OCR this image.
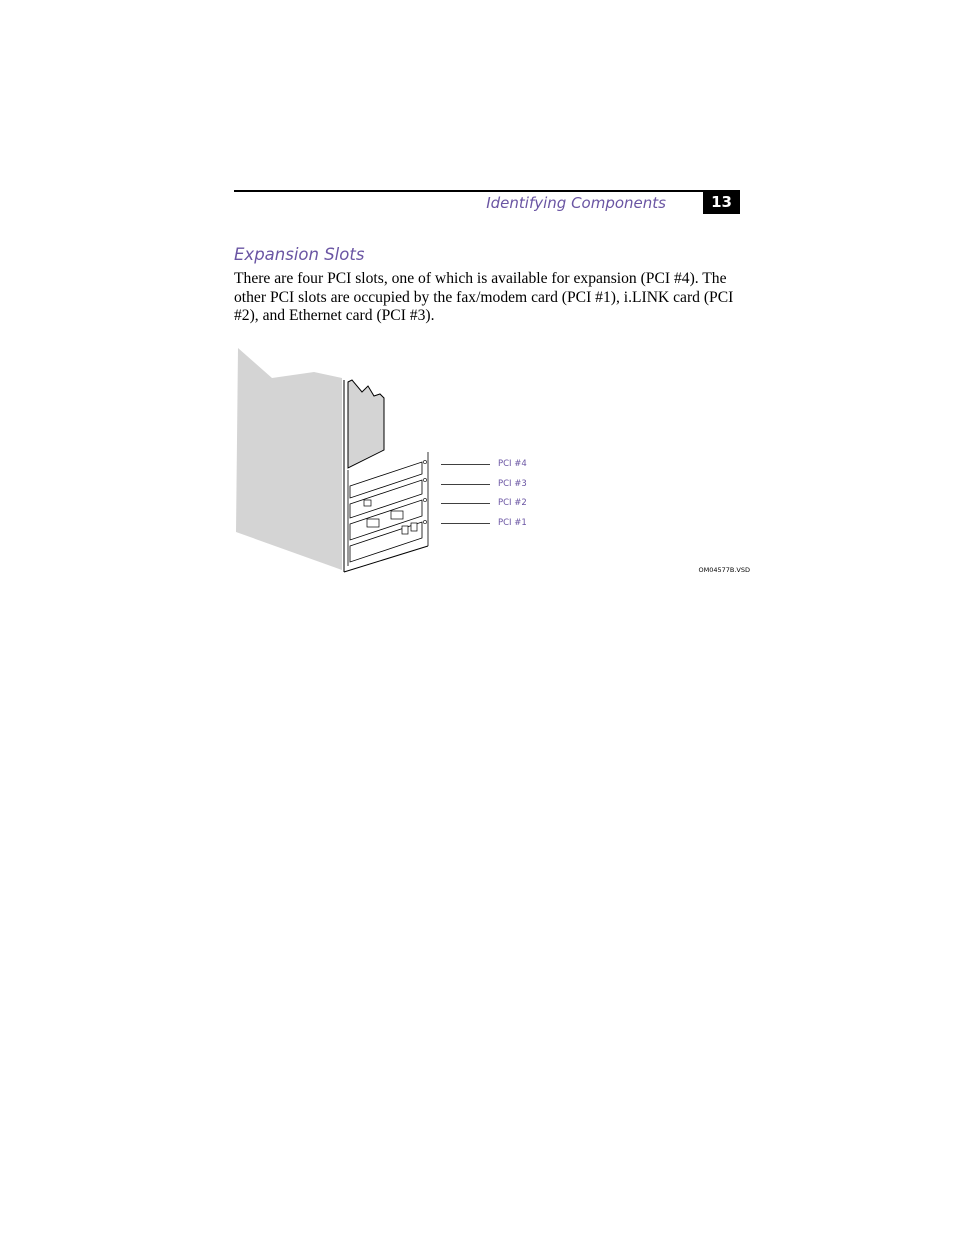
Identifying Components	13
Expansion Slots
There are four PCI slots, one of which is available for expansion (PCI #4). The other PCI slots are occupied by the fax/modem card (PCI #1), i.LINK card (PCI #2), and Ethernet card (PCI #3).
PCI #4
PCI #3
PCI #2
PCI #1
OM04577B.VSD
